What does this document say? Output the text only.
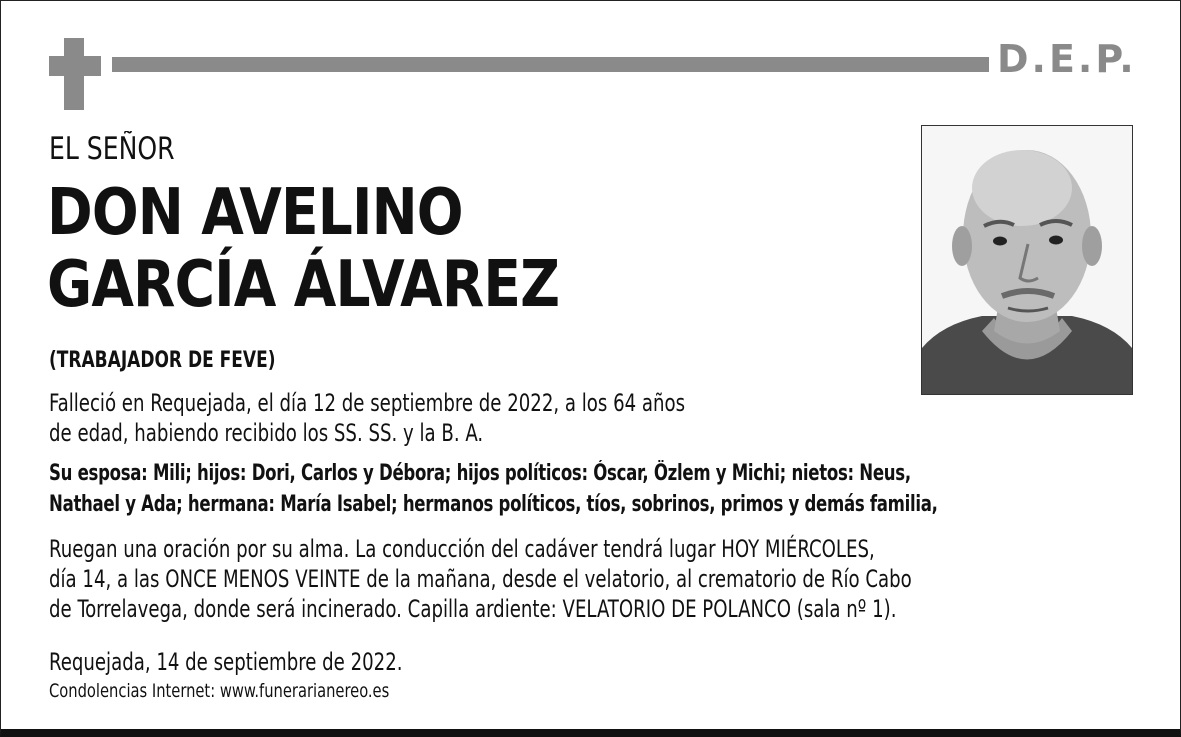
D.E.P.
EL SEÑOR
DON AVELINO
GARCÍA ÁLVAREZ
(TRABAJADOR DE FEVE)
Falleció en Requejada, el día 12 de septiembre de 2022, a los 64 años
de edad, habiendo recibido los SS. SS. y la B. A.
Su esposa: Mili; hijos: Dori, Carlos y Débora; hijos políticos: Óscar, Özlem y Michi; nietos: Neus,
Nathael y Ada; hermana: María Isabel; hermanos políticos, tíos, sobrinos, primos y demás familia,
Ruegan una oración por su alma. La conducción del cadáver tendrá lugar HOY MIÉRCOLES,
día 14, a las ONCE MENOS VEINTE de la mañana, desde el velatorio, al crematorio de Río Cabo
de Torrelavega, donde será incinerado. Capilla ardiente: VELATORIO DE POLANCO (sala nº 1).
Requejada, 14 de septiembre de 2022.
Condolencias Internet: www.funerarianereo.es
